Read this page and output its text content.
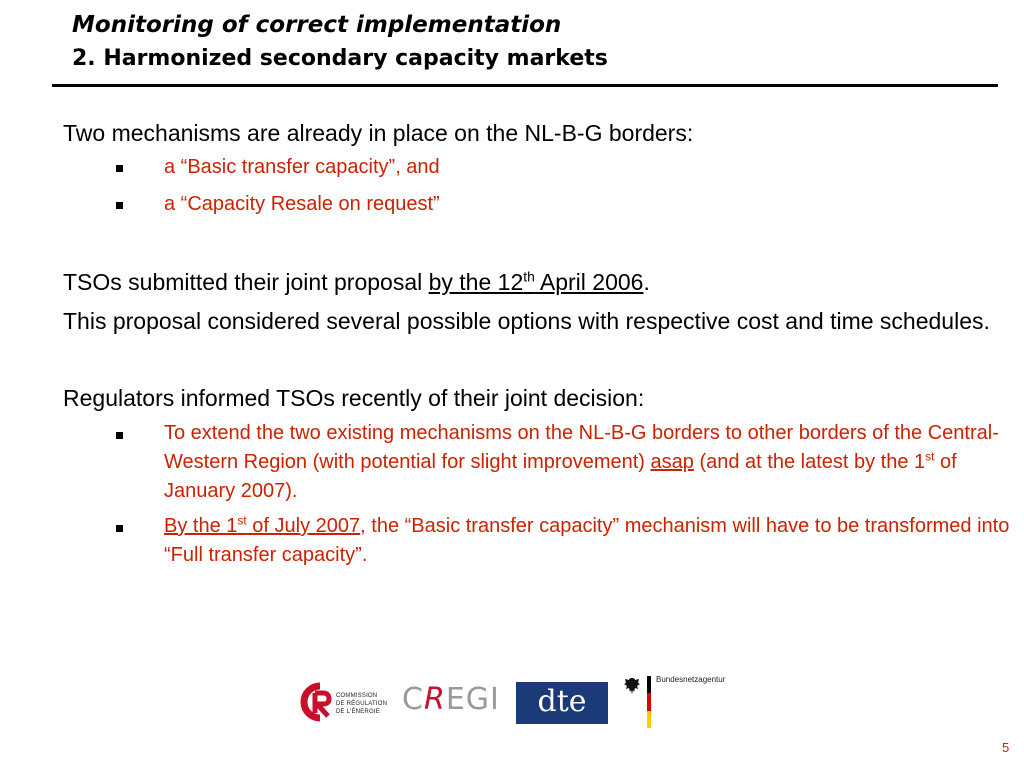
Monitoring of correct implementation
2. Harmonized secondary capacity markets

Two mechanisms are already in place on the NL-B-G borders:

a “Basic transfer capacity”, and
a “Capacity Resale on request”

TSOs submitted their joint proposal by the 12th April 2006.

This proposal considered several possible options with respective cost and time schedules.

Regulators informed TSOs recently of their joint decision:

To extend the two existing mechanisms on the NL-B-G borders to other borders of the Central-Western Region (with potential for slight improvement) asap (and at the latest by the 1st of January 2007).
By the 1st of July 2007, the “Basic transfer capacity” mechanism will have to be transformed into “Full transfer capacity”.
COMMISSION
DE RÉGULATION
DE L'ÉNERGIE CREGI	dte
Bundesnetzagentur
5
